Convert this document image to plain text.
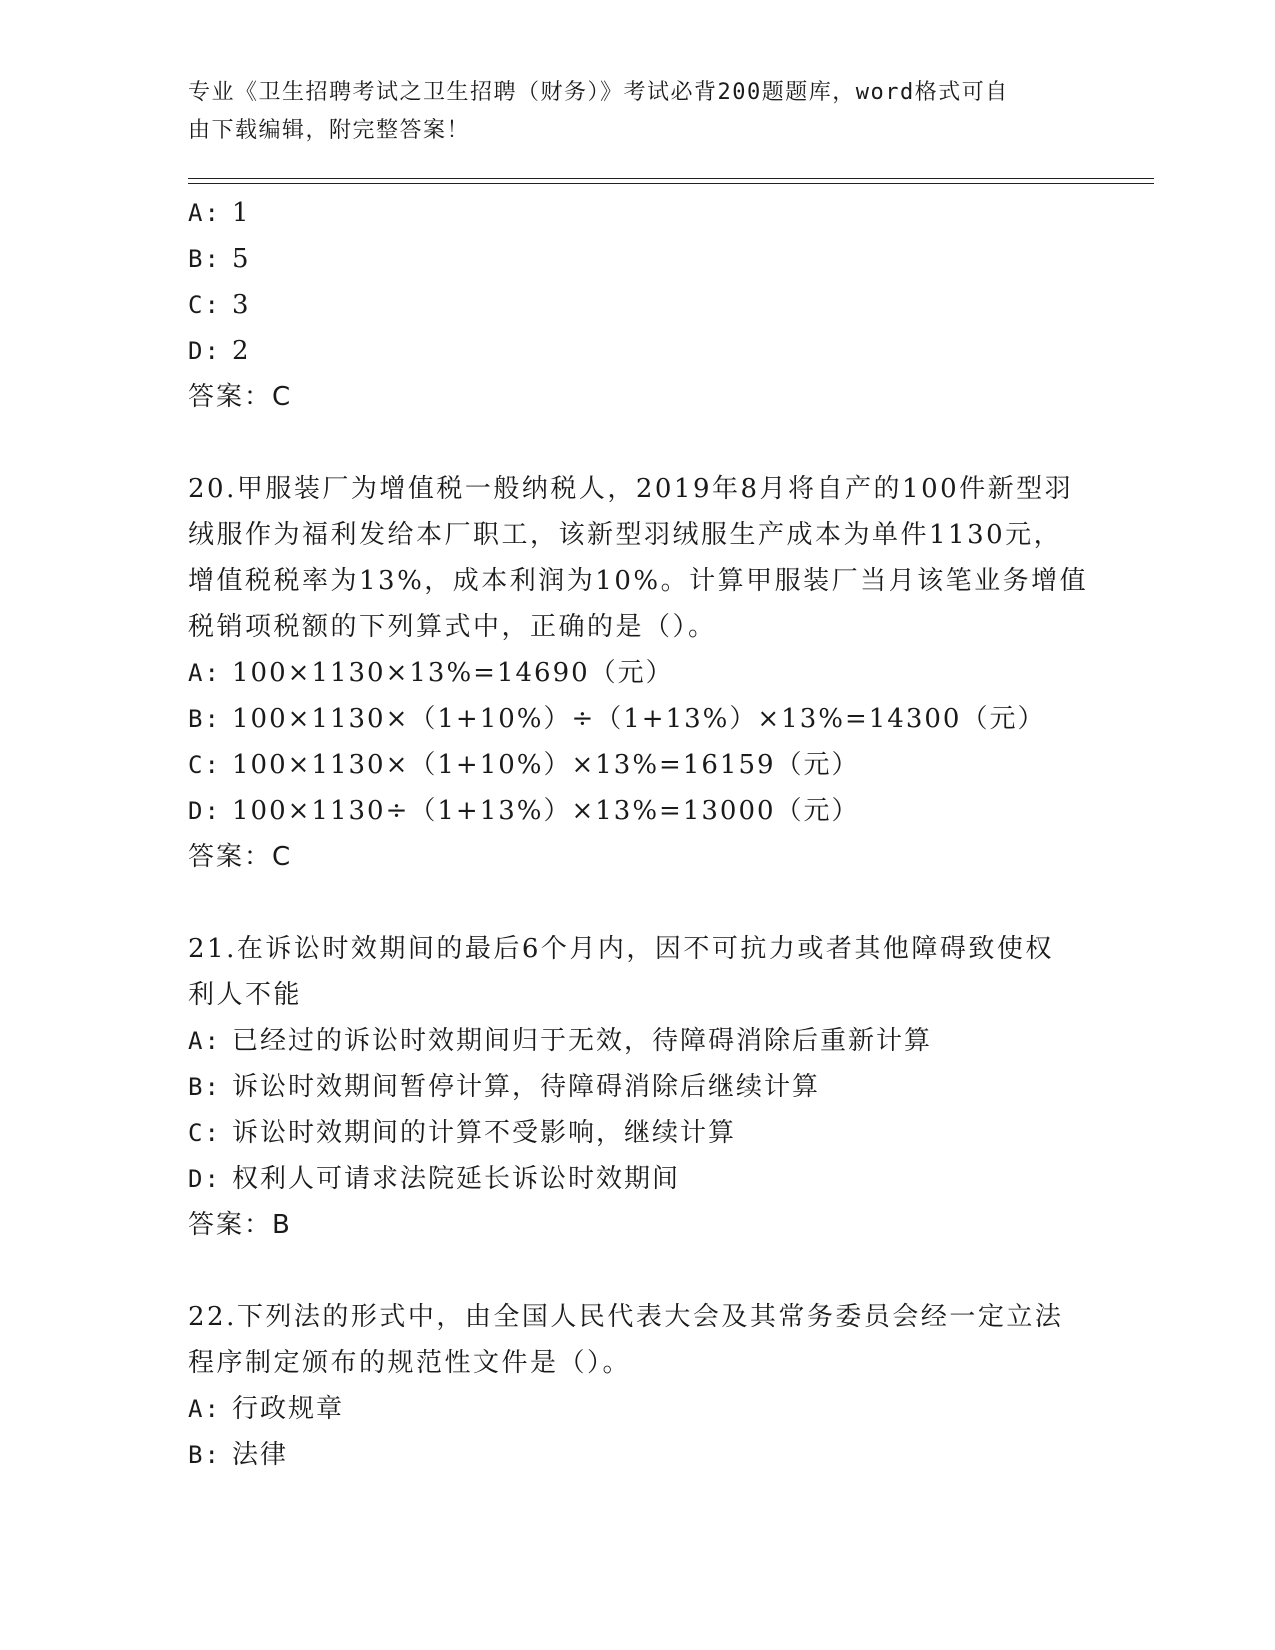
专业《卫生招聘考试之卫生招聘（财务）》考试必背200题题库，word格式可自
由下载编辑，附完整答案！
A: 1
B: 5
C: 3
D: 2
答案：C
20.甲服装厂为增值税一般纳税人，2019年8月将自产的100件新型羽
绒服作为福利发给本厂职工，该新型羽绒服生产成本为单件1130元，
增值税税率为13%，成本利润为10%。计算甲服装厂当月该笔业务增值
税销项税额的下列算式中，正确的是（）。
A: 100×1130×13%=14690（元）
B: 100×1130×（1+10%）÷（1+13%）×13%=14300（元）
C: 100×1130×（1+10%）×13%=16159（元）
D: 100×1130÷（1+13%）×13%=13000（元）
答案：C
21.在诉讼时效期间的最后6个月内，因不可抗力或者其他障碍致使权
利人不能
A: 已经过的诉讼时效期间归于无效，待障碍消除后重新计算
B: 诉讼时效期间暂停计算，待障碍消除后继续计算
C: 诉讼时效期间的计算不受影响，继续计算
D: 权利人可请求法院延长诉讼时效期间
答案：B
22.下列法的形式中，由全国人民代表大会及其常务委员会经一定立法
程序制定颁布的规范性文件是（）。
A: 行政规章
B: 法律
